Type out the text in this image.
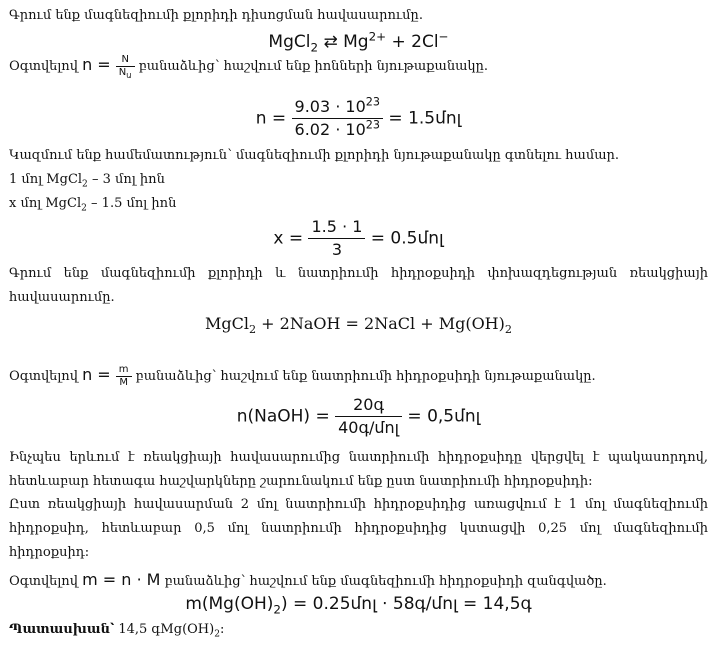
Գրում ենք մագնեզիումի քլորիդի դիսոցման հավասարումը.
MgCl$_2$ ⇄ $Mg^{2+} + 2Cl^-$
Օգտվելով $n = \frac{N}{N_Ա}$ բանաձևից՝ հաշվում ենք իոնների նյութաքանակը.
$n = \frac{9.03 \cdot 10^{23}}{6.02 \cdot 10^{23}}$ = 1.5մոլ
Կազմում ենք համեմատություն՝ մագնեզիումի քլորիդի նյութաքանակը գտնելու համար.
1 մոլ MgCl$_2$ – 3 մոլ իոն
x մոլ MgCl$_2$ – 1.5 մոլ իոն
$x = \frac{1.5 \cdot 1}{3}$ = 0.5մոլ
Գրում ենք մագնեզիումի քլորիդի և նատրիումի հիդրօքսիդի փոխազդեցության ռեակցիայի հավասարումը.
MgCl$_2$ + 2NaOH = 2NaCl + $Mg(OH)_2$
Օգտվելով $n = \frac{m}{M}$ բանաձևից՝ հաշվում ենք նատրիումի հիդրօքսիդի նյութաքանակը.
n(NaOH) = $\frac{\text{20գ}}{\text{40գ/մոլ}}$ = 0,5մոլ
Ինչպես երևում է ռեակցիայի հավասարումից նատրիումի հիդրօքսիդը վերցվել է պակասորդով, հետևաբար հետագա հաշվարկները շարունակում ենք ըստ նատրիումի հիդրօքսիդի:
Ըստ ռեակցիայի հավասարման 2 մոլ նատրիումի հիդրօքսիդից առացվում է 1 մոլ մագնեզիումի հիդրօքսիդ, հետևաբար 0,5 մոլ նատրիումի հիդրօքսիդից կստացվի 0,25 մոլ մագնեզիումի հիդրօքսիդ:
Օգտվելով m = n ⋅ M բանաձևից՝ հաշվում ենք մագնեզիումի հիդրօքսիդի զանգվածը.
$m(Mg(OH)_2)$ = 0.25մոլ ⋅ 58գ/մոլ = 14,5գ
Պատասխան՝ 14,5 $գMg(OH)_2$:
